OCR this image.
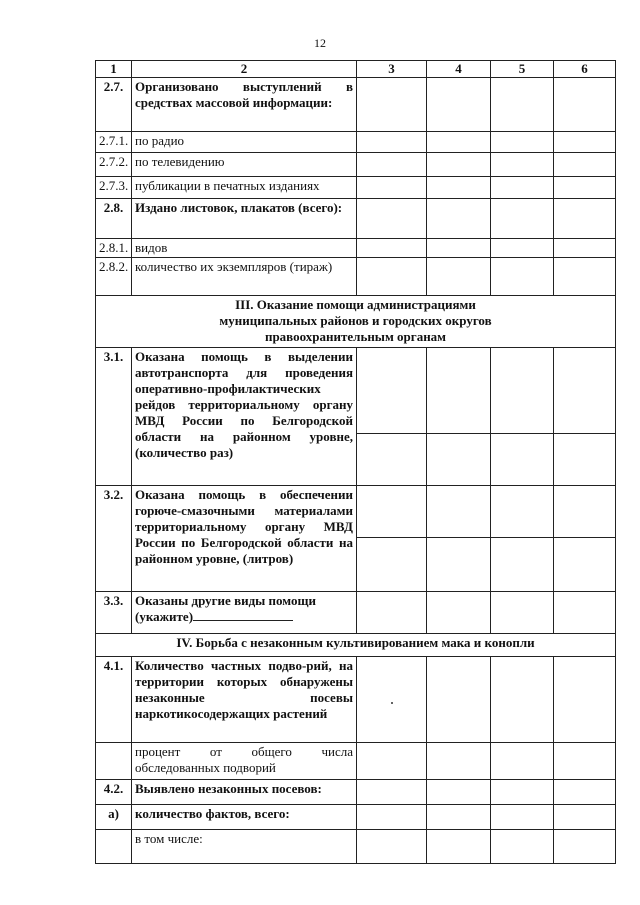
12
1	2	3	4	5	6
2.7.	Организовано выступлений в средствах массовой информации:				
2.7.1.	по радио				
2.7.2.	по телевидению				
2.7.3.	публикации в печатных изданиях				
2.8.	Издано листовок, плакатов (всего):				
2.8.1.	видов				
2.8.2.	количество их экземпляров (тираж)				

III. Оказание помощи администрациями
муниципальных районов и городских округов
правоохранительным органам					

3.1.	Оказана помощь в выделении автотранспорта для проведения оперативно-профилактических рейдов территориальному органу МВД России по Белгородской области на районном уровне, (количество раз)				

3.2.	Оказана помощь в обеспечении горюче-смазочными материалами территориальному органу МВД России по Белгородской области на районном уровне, (литров)				

3.3.	Оказаны другие виды помощи (укажите)				

IV. Борьба с незаконным культивированием мака и конопли					

4.1.	Количество частных подво-рий, на территории которых обнаружены незаконные посевы наркотикосодержащих растений				
	процент от общего числа обследованных подворий				
4.2.	Выявлено незаконных посевов:				
а)	количество фактов, всего:				
	в том числе:				
